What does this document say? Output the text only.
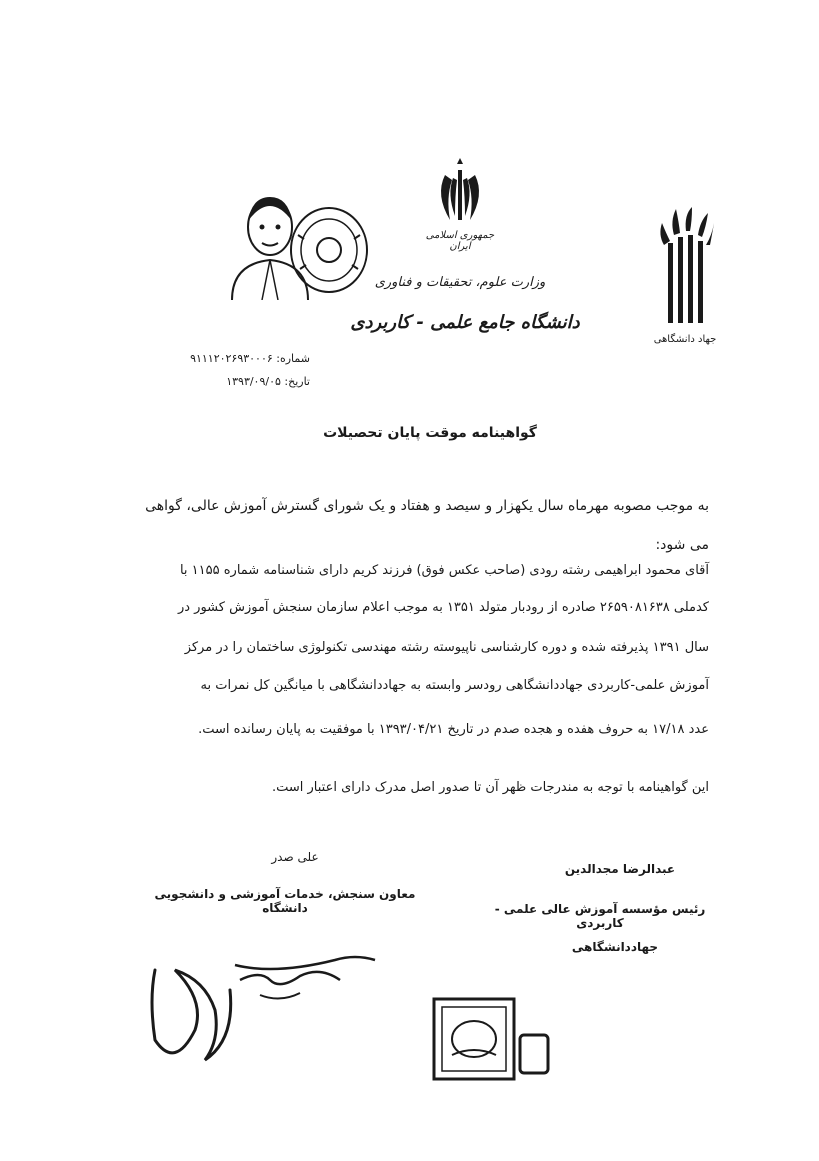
جهاد دانشگاهی
جمهوری اسلامی ایران
وزارت علوم، تحقیقات و فناوری
دانشگاه جامع علمی - کاربردی
شماره: ۹۱۱۱۲۰۲۶۹۳۰۰۰۶
تاریخ: ۱۳۹۳/۰۹/۰۵
گواهینامه موقت پایان تحصیلات
به موجب مصوبه مهرماه سال یکهزار و سیصد و هفتاد و یک شورای گسترش آموزش عالی، گواهی
می شود:
آقای محمود ابراهیمی رشته رودی (صاحب عکس فوق) فرزند کریم دارای شناسنامه شماره ۱۱۵۵ با
کدملی ۲۶۵۹۰۸۱۶۳۸ صادره از رودبار متولد ۱۳۵۱ به موجب اعلام سازمان سنجش آموزش کشور در
سال ۱۳۹۱ پذیرفته شده و دوره کارشناسی ناپیوسته رشته مهندسی تکنولوژی ساختمان را در مرکز
آموزش علمی-کاربردی جهاددانشگاهی رودسر وابسته به جهاددانشگاهی با میانگین کل نمرات به
عدد ۱۷/۱۸ به حروف هفده و هجده صدم در تاریخ ۱۳۹۳/۰۴/۲۱ با موفقیت به پایان رسانده است.
این گواهینامه با توجه به مندرجات ظهر آن تا صدور اصل مدرک دارای اعتبار است.
علی صدر
معاون سنجش، خدمات آموزشی و دانشجویی دانشگاه
عبدالرضا مجدالدین
رئیس مؤسسه آموزش عالی علمی - کاربردی
جهاددانشگاهی
